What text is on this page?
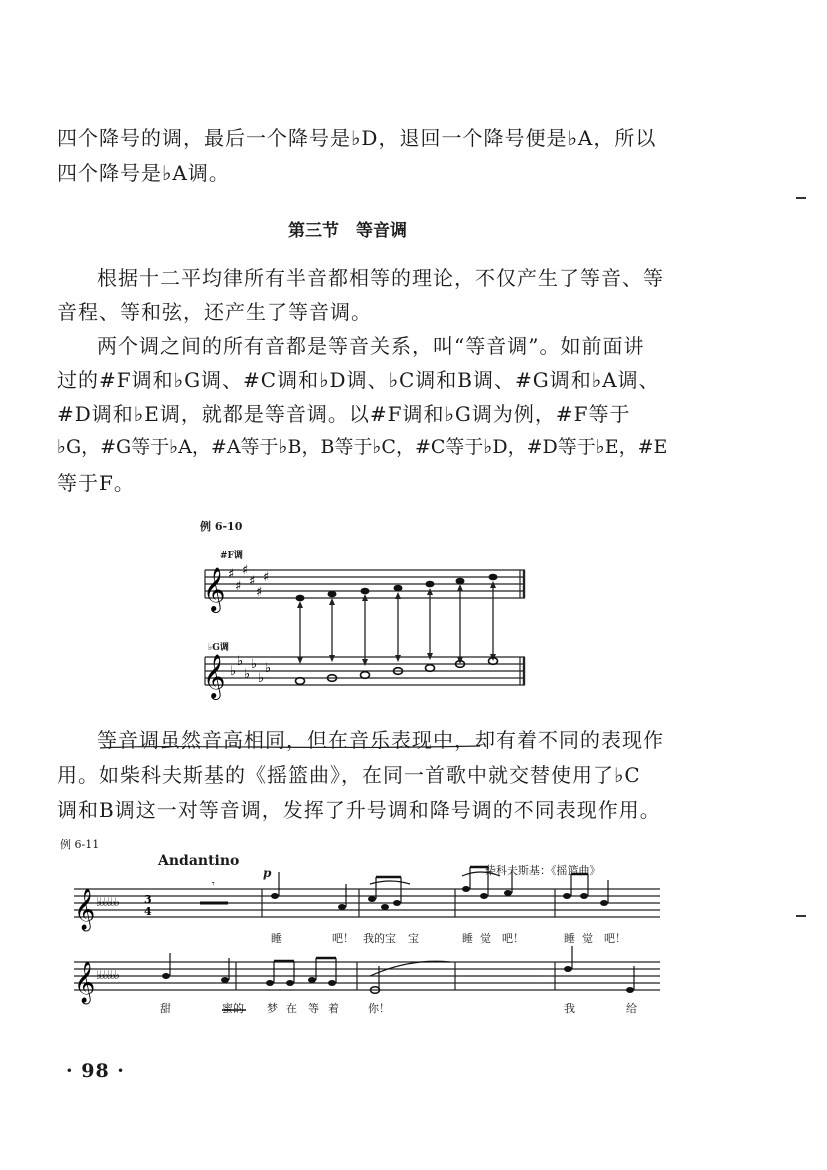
四个降号的调，最后一个降号是♭D，退回一个降号便是♭A，所以
四个降号是♭A调。
第三节　等音调
根据十二平均律所有半音都相等的理论，不仅产生了等音、等
音程、等和弦，还产生了等音调。
两个调之间的所有音都是等音关系，叫“等音调”。如前面讲
过的#F调和♭G调、#C调和♭D调、♭C调和B调、#G调和♭A调、
#D调和♭E调，就都是等音调。以#F调和♭G调为例，#F等于
♭G，#G等于♭A，#A等于♭B，B等于♭C，#C等于♭D，#D等于♭E，#E
等于F。
例 6-10
#F调
♭G调
𝄞 ♯
♯
♯
♯
♯
♯
𝄞 ♭
♭
♭
♭
♭
♭
等音调虽然音高相同，但在音乐表现中，却有着不同的表现作
用。如柴科夫斯基的《摇篮曲》，在同一首歌中就交替使用了♭C
调和B调这一对等音调，发挥了升号调和降号调的不同表现作用。
例 6-11
Andantino
p	柴科夫斯基：《摇篮曲》
𝄞 ♭♭♭♭♭♭ 3
4
𝄾
𝄞 ♭♭♭♭♭♭
睡	吧！ 我的宝 宝	睡 觉 吧！	睡 觉 吧！
甜	蜜的 梦 在 等 着	你！	我	给
· 98 ·
